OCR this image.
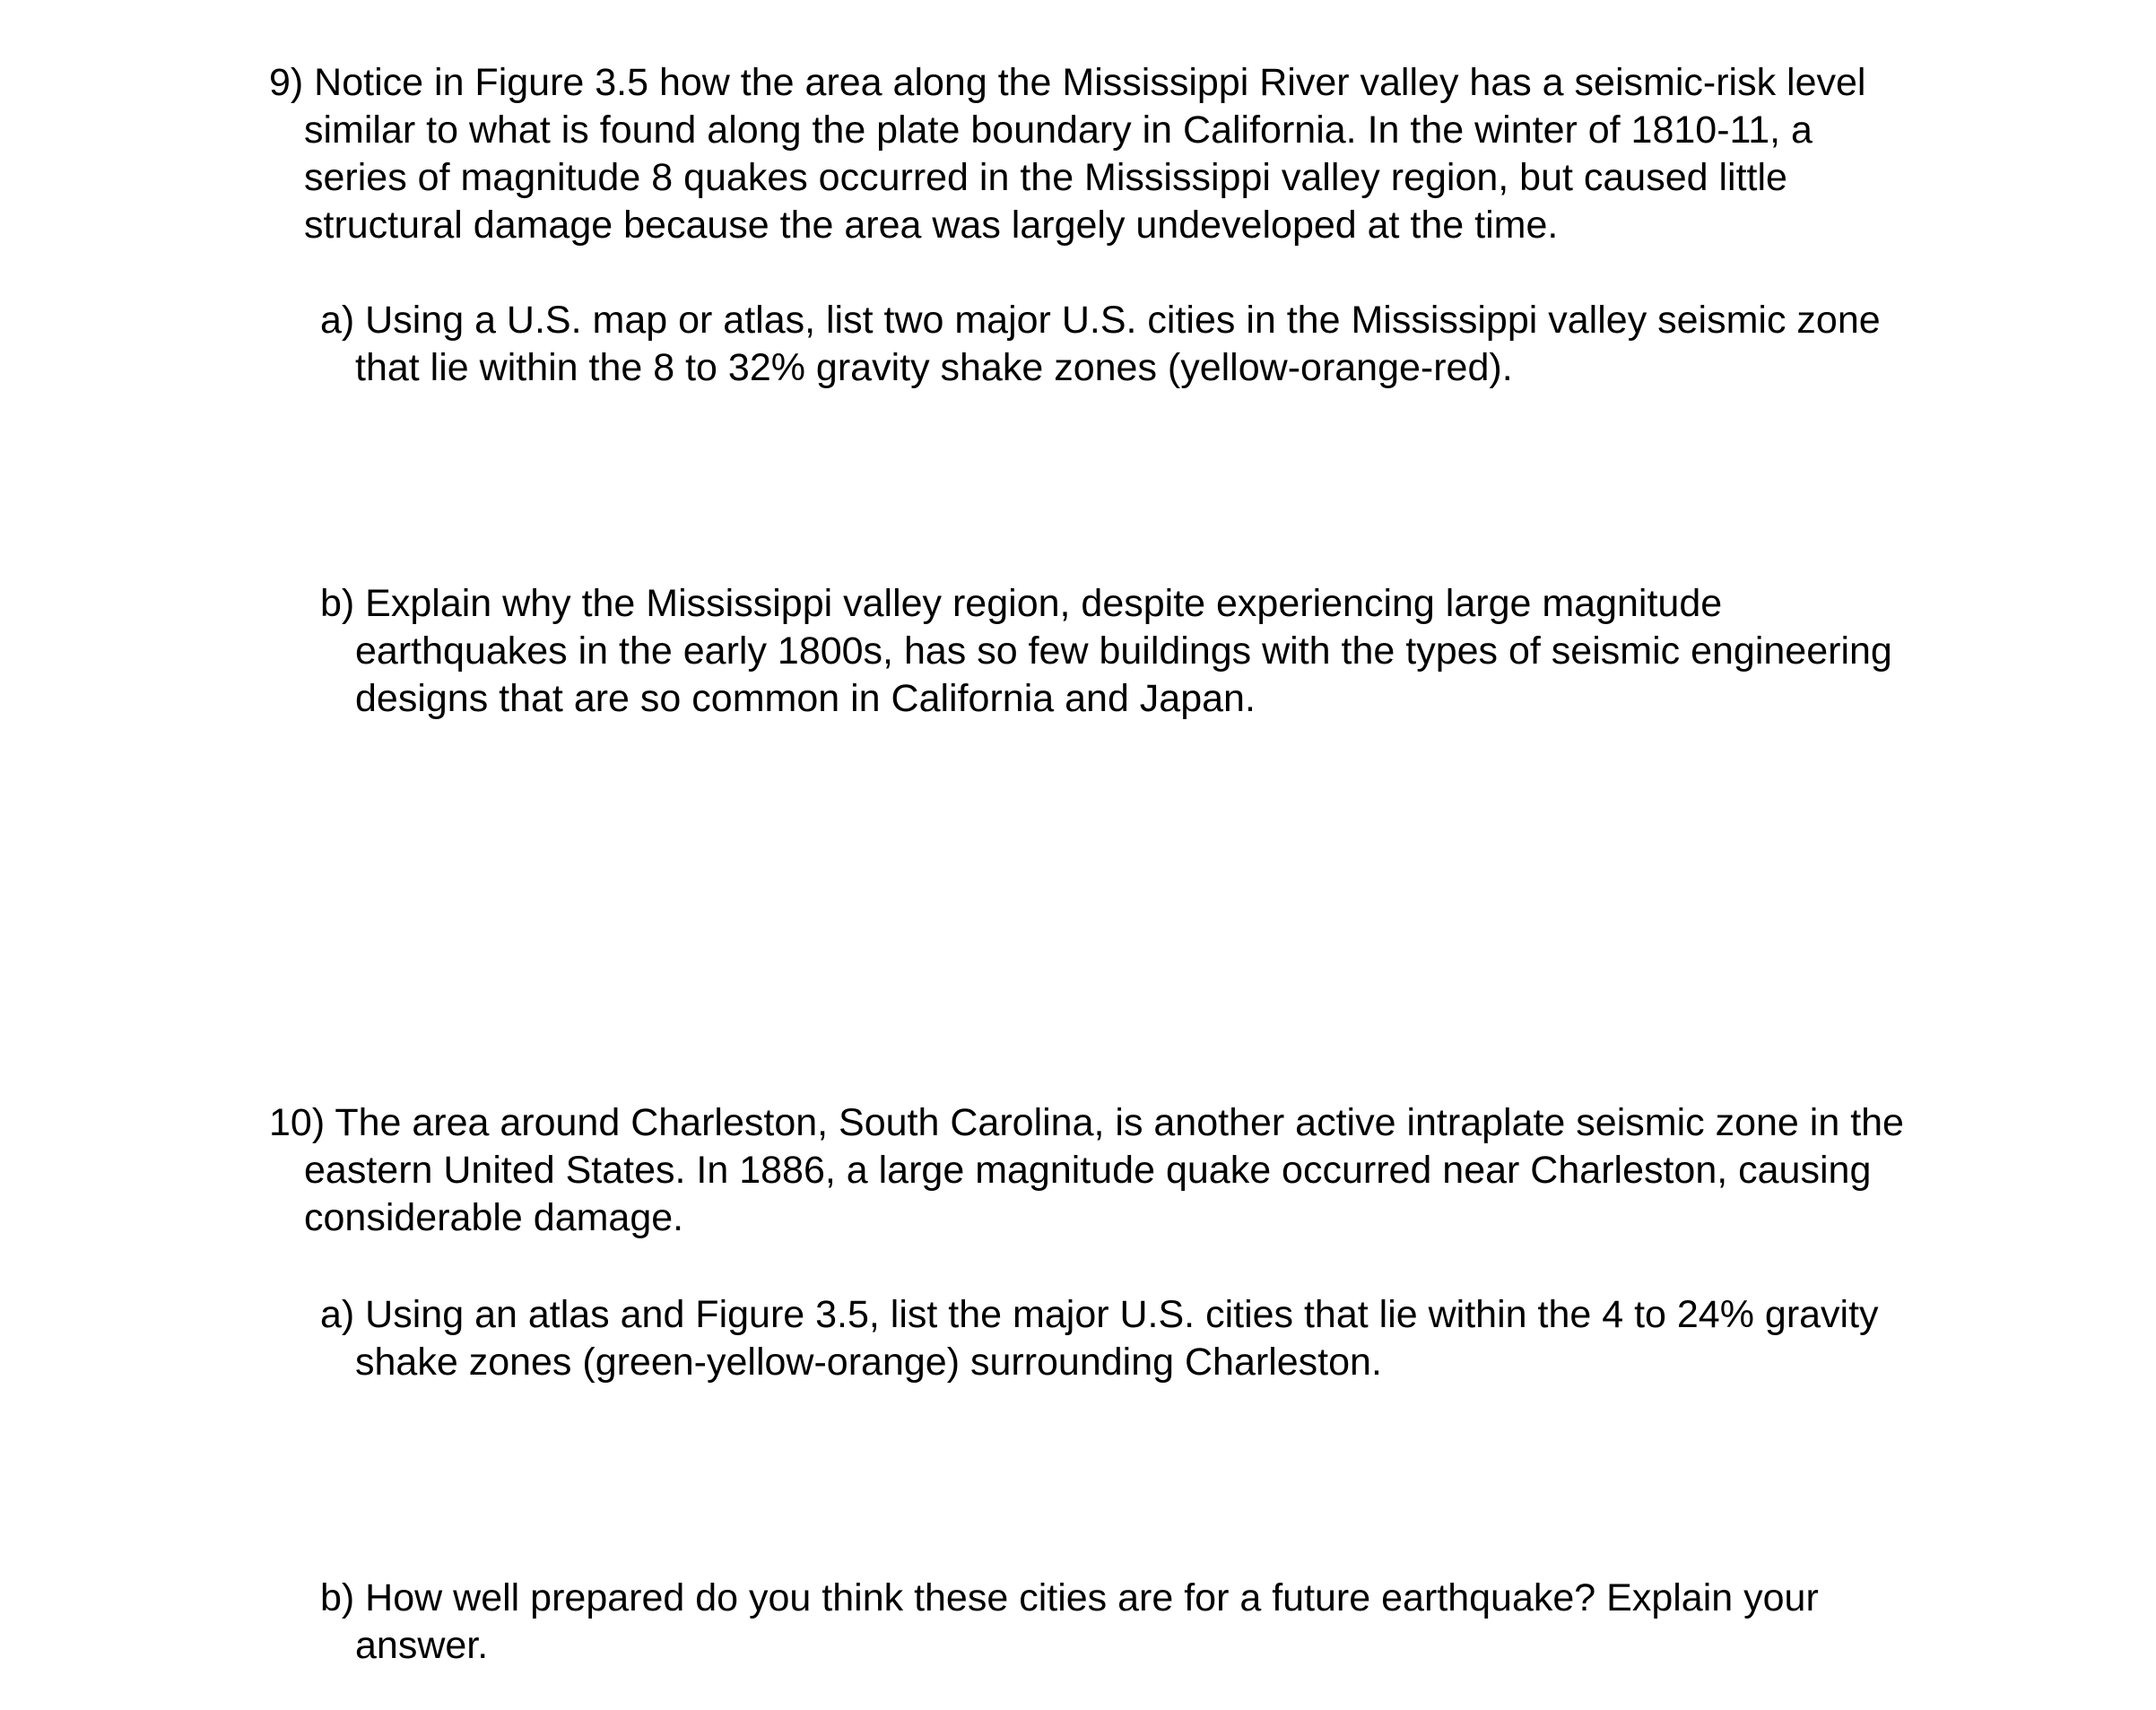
9) Notice in Figure 3.5 how the area along the Mississippi River valley has a seismic-risk level
similar to what is found along the plate boundary in California. In the winter of 1810-11, a
series of magnitude 8 quakes occurred in the Mississippi valley region, but caused little
structural damage because the area was largely undeveloped at the time.
a) Using a U.S. map or atlas, list two major U.S. cities in the Mississippi valley seismic zone
that lie within the 8 to 32% gravity shake zones (yellow-orange-red).
b) Explain why the Mississippi valley region, despite experiencing large magnitude
earthquakes in the early 1800s, has so few buildings with the types of seismic engineering
designs that are so common in California and Japan.
10) The area around Charleston, South Carolina, is another active intraplate seismic zone in the
eastern United States. In 1886, a large magnitude quake occurred near Charleston, causing
considerable damage.
a) Using an atlas and Figure 3.5, list the major U.S. cities that lie within the 4 to 24% gravity
shake zones (green-yellow-orange) surrounding Charleston.
b) How well prepared do you think these cities are for a future earthquake? Explain your
answer.
